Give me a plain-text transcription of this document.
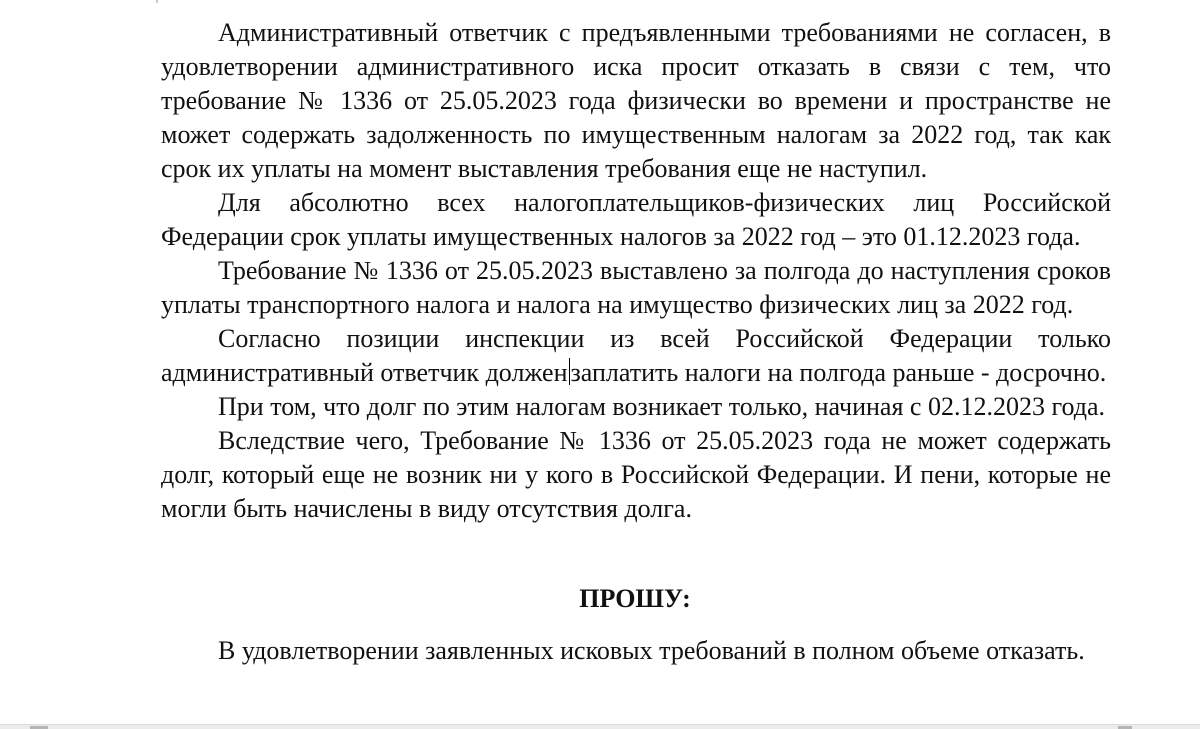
Административный ответчик с предъявленными требованиями не согласен, в удовлетворении административного иска просит отказать в связи с тем, что требование № 1336 от 25.05.2023 года физически во времени и пространстве не может содержать задолженность по имущественным налогам за 2022 год, так как срок их уплаты на момент выставления требования еще не наступил.

Для абсолютно всех налогоплательщиков-физических лиц Российской Федерации срок уплаты имущественных налогов за 2022 год – это 01.12.2023 года.

Требование № 1336 от 25.05.2023 выставлено за полгода до наступления сроков уплаты транспортного налога и налога на имущество физических лиц за 2022 год.

Согласно позиции инспекции из всей Российской Федерации только административный ответчик должен заплатить налоги на полгода раньше - досрочно.

При том, что долг по этим налогам возникает только, начиная с 02.12.2023 года.

Вследствие чего, Требование № 1336 от 25.05.2023 года не может содержать долг, который еще не возник ни у кого в Российской Федерации. И пени, которые не могли быть начислены в виду отсутствия долга.

ПРОШУ:
В удовлетворении заявленных исковых требований в полном объеме отказать.
